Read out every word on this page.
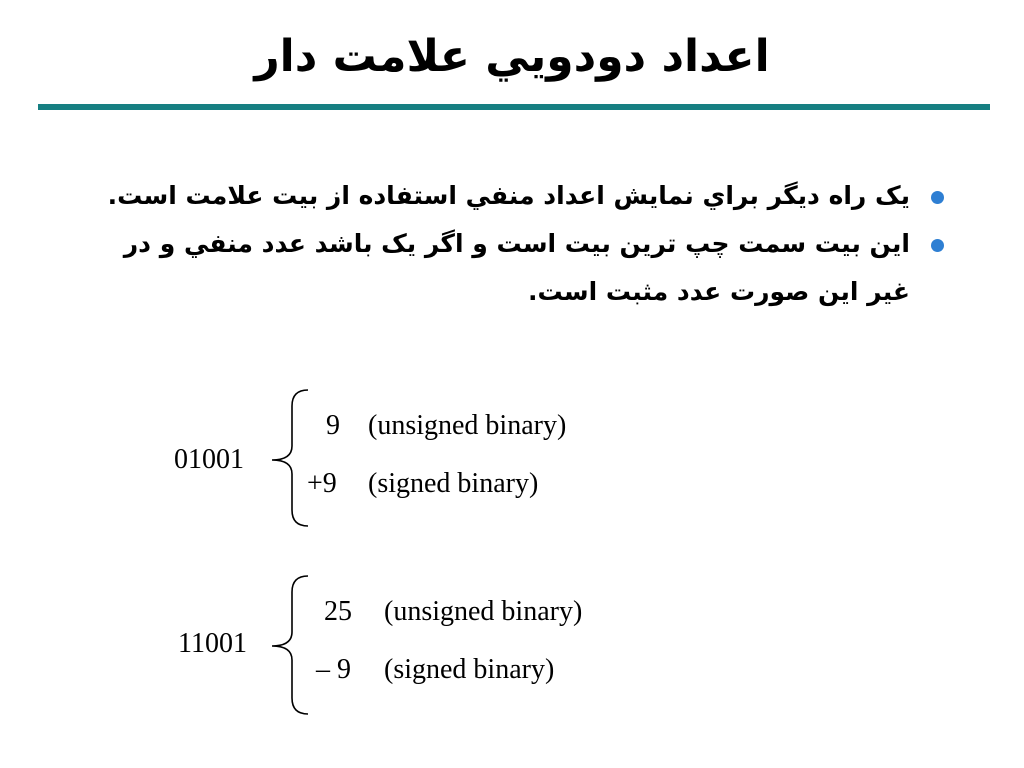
اعداد دودويي علامت دار
يک راه ديگر براي نمايش اعداد منفي استفاده از بيت علامت است.
اين بيت سمت چپ ترين بيت است و اگر يک باشد عدد منفي و در غير اين صورت عدد مثبت است.
01001
9 (unsigned binary)
+9 (signed binary)
11001
25 (unsigned binary)
– 9 (signed binary)
